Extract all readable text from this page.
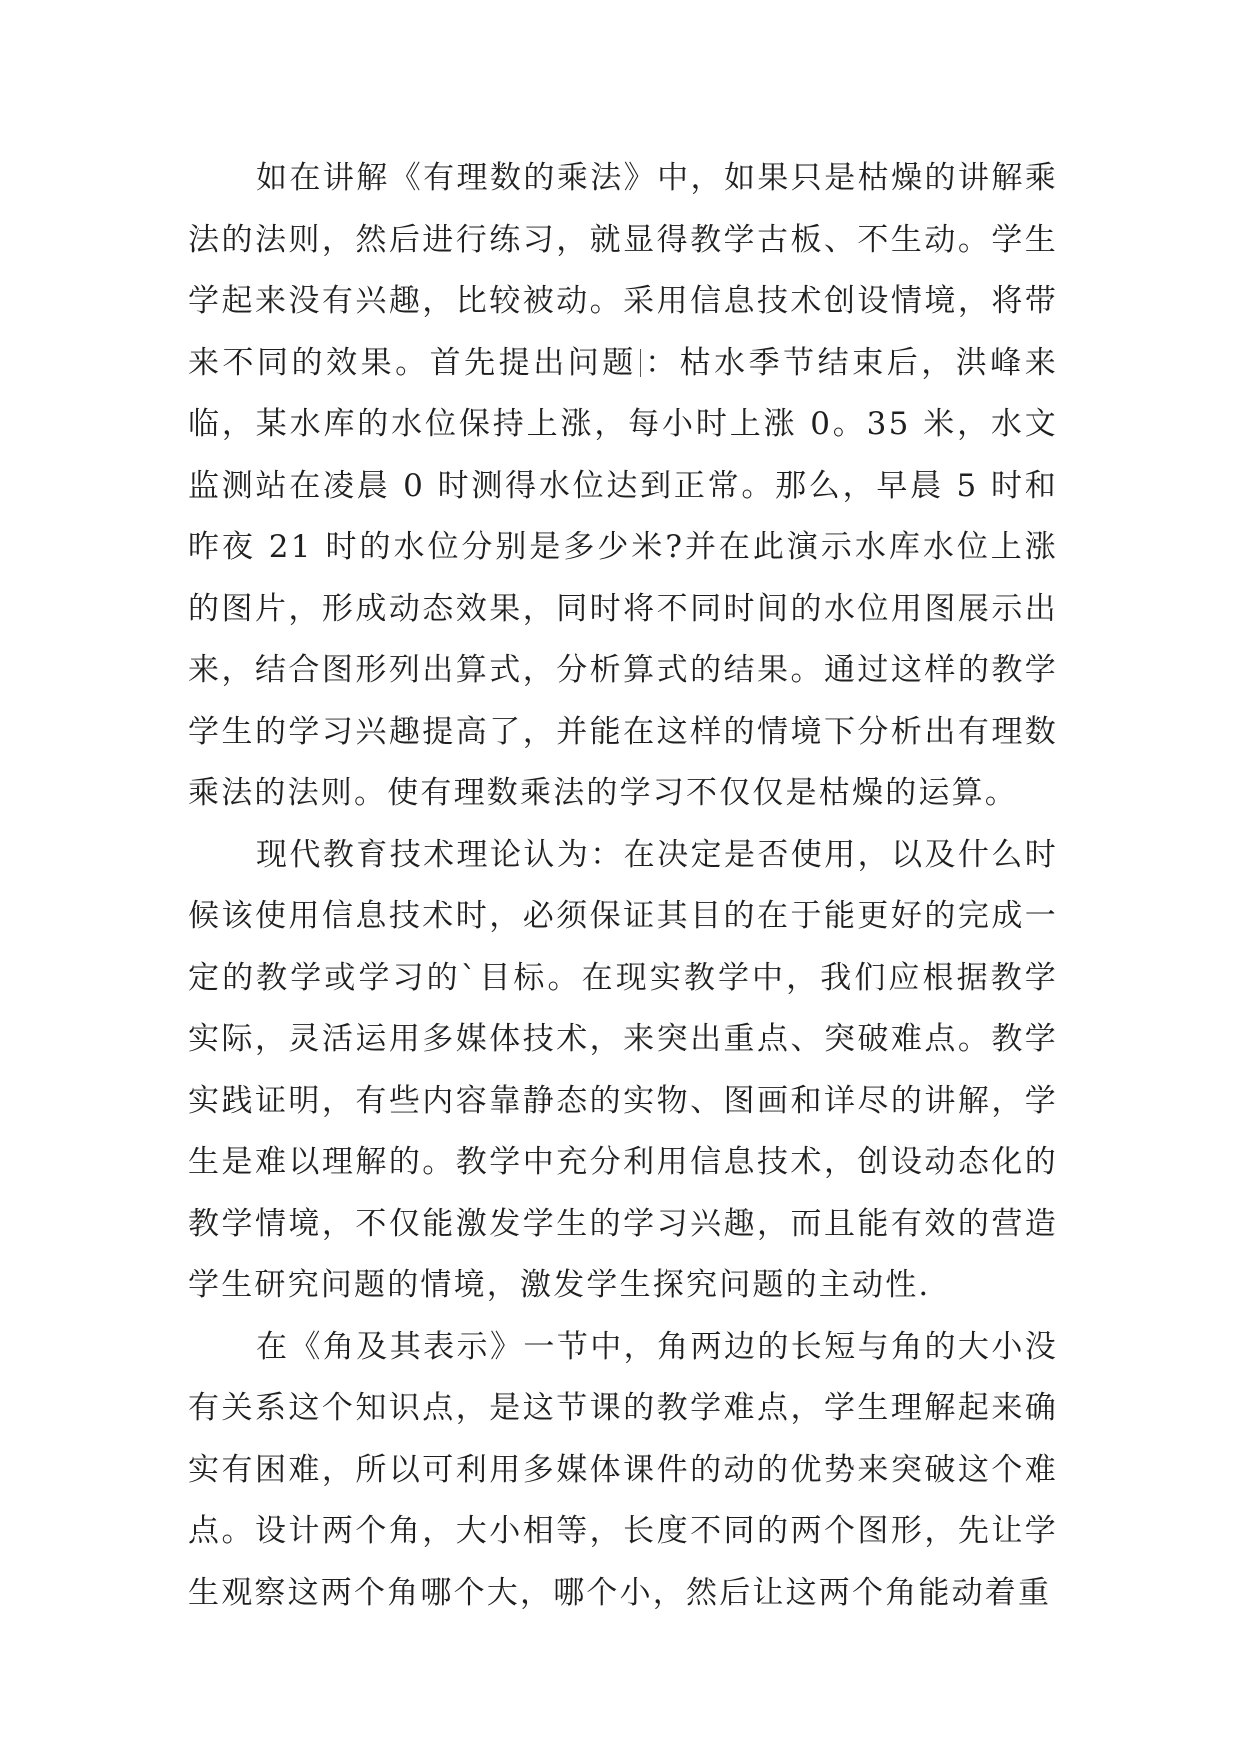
如在讲解《有理数的乘法》中，如果只是枯燥的讲解乘法的法则，然后进行练习，就显得教学古板、不生动。学生学起来没有兴趣，比较被动。采用信息技术创设情境，将带来不同的效果。首先提出问题 ：枯水季节结束后，洪峰来临，某水库的水位保持上涨，每小时上涨 0。35 米，水文监测站在凌晨 0 时测得水位达到正常。那么，早晨 5 时和昨夜 21 时的水位分别是多少米?并在此演示水库水位上涨的图片，形成动态效果，同时将不同时间的水位用图展示出来，结合图形列出算式，分析算式的结果。通过这样的教学学生的学习兴趣提高了，并能在这样的情境下分析出有理数乘法的法则。使有理数乘法的学习不仅仅是枯燥的运算。

现代教育技术理论认为：在决定是否使用，以及什么时候该使用信息技术时，必须保证其目的在于能更好的完成一定的教学或学习的`目标。在现实教学中，我们应根据教学实际，灵活运用多媒体技术，来突出重点、突破难点。教学实践证明，有些内容靠静态的实物、图画和详尽的讲解，学生是难以理解的。教学中充分利用信息技术，创设动态化的教学情境，不仅能激发学生的学习兴趣，而且能有效的营造学生研究问题的情境，激发学生探究问题的主动性.

在《角及其表示》一节中，角两边的长短与角的大小没有关系这个知识点，是这节课的教学难点，学生理解起来确实有困难，所以可利用多媒体课件的动的优势来突破这个难点。设计两个角，大小相等，长度不同的两个图形，先让学生观察这两个角哪个大，哪个小，然后让这两个角能动着重
